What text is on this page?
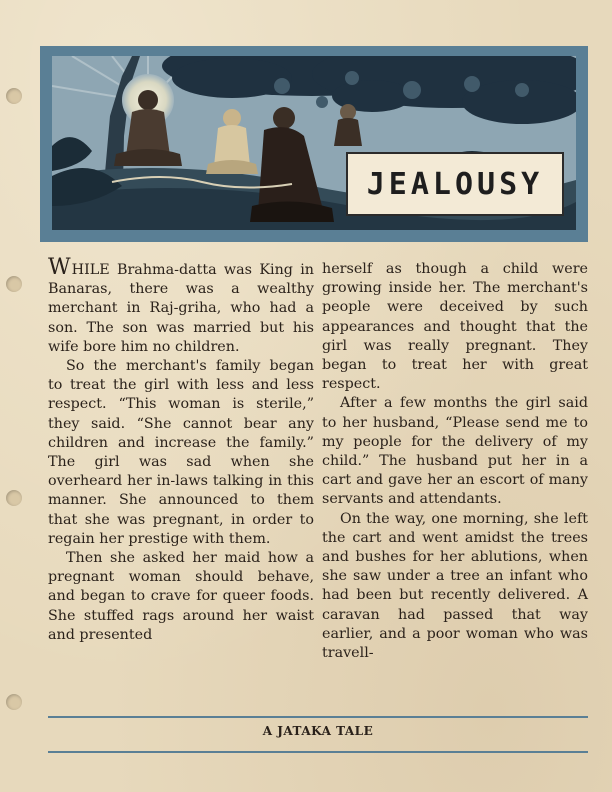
JEALOUSY

WHILE Brahma-datta was King in Banaras, there was a wealthy merchant in Raj-griha, who had a son. The son was married but his wife bore him no children.

So the merchant's family began to treat the girl with less and less respect. “This woman is sterile,” they said. “She cannot bear any children and increase the family.” The girl was sad when she overheard her in-laws talking in this manner. She announced to them that she was pregnant, in order to regain her prestige with them.

Then she asked her maid how a pregnant woman should behave, and began to crave for queer foods. She stuffed rags around her waist and presented

herself as though a child were growing inside her. The merchant's people were deceived by such appearances and thought that the girl was really pregnant. They began to treat her with great respect.

After a few months the girl said to her husband, “Please send me to my people for the delivery of my child.” The husband put her in a cart and gave her an escort of many servants and attendants.

On the way, one morning, she left the cart and went amidst the trees and bushes for her ablutions, when she saw under a tree an infant who had been but recently delivered. A caravan had passed that way earlier, and a poor woman who was travell-

A JATAKA TALE
